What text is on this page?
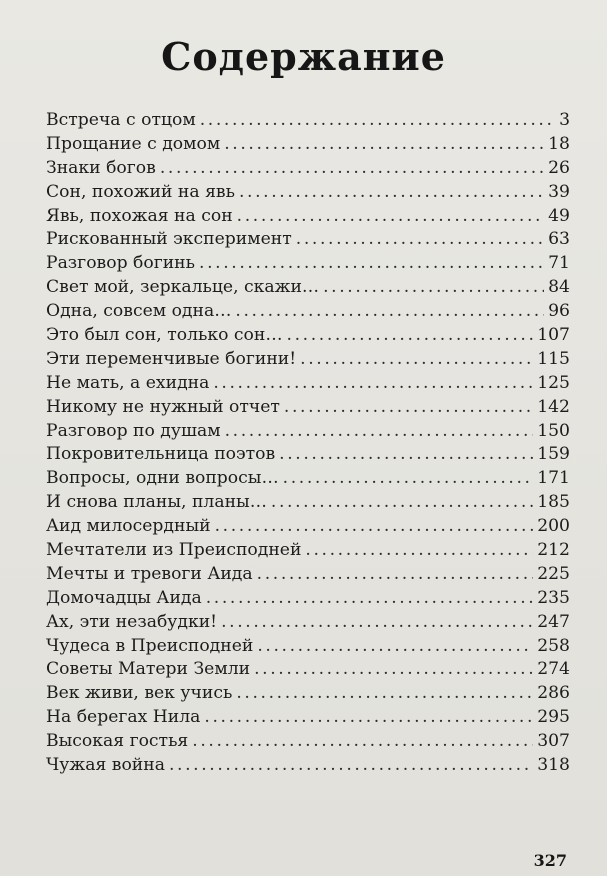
Содержание
Встреча с отцом .....	3
Прощание с домом .....	18
Знаки богов .....	26
Сон, похожий на явь .....	39
Явь, похожая на сон .....	49
Рискованный эксперимент .....	63
Разговор богинь .....	71
Свет мой, зеркальце, скажи… .....	84
Одна, совсем одна… .....	96
Это был сон, только сон… .....	107
Эти переменчивые богини! .....	115
Не мать, а ехидна .....	125
Никому не нужный отчет .....	142
Разговор по душам .....	150
Покровительница поэтов .....	159
Вопросы, одни вопросы… .....	171
И снова планы, планы… .....	185
Аид милосердный .....	200
Мечтатели из Преисподней .....	212
Мечты и тревоги Аида .....	225
Домочадцы Аида .....	235
Ах, эти незабудки! .....	247
Чудеса в Преисподней .....	258
Советы Матери Земли .....	274
Век живи, век учись .....	286
На берегах Нила .....	295
Высокая гостья .....	307
Чужая война .....	318
327
